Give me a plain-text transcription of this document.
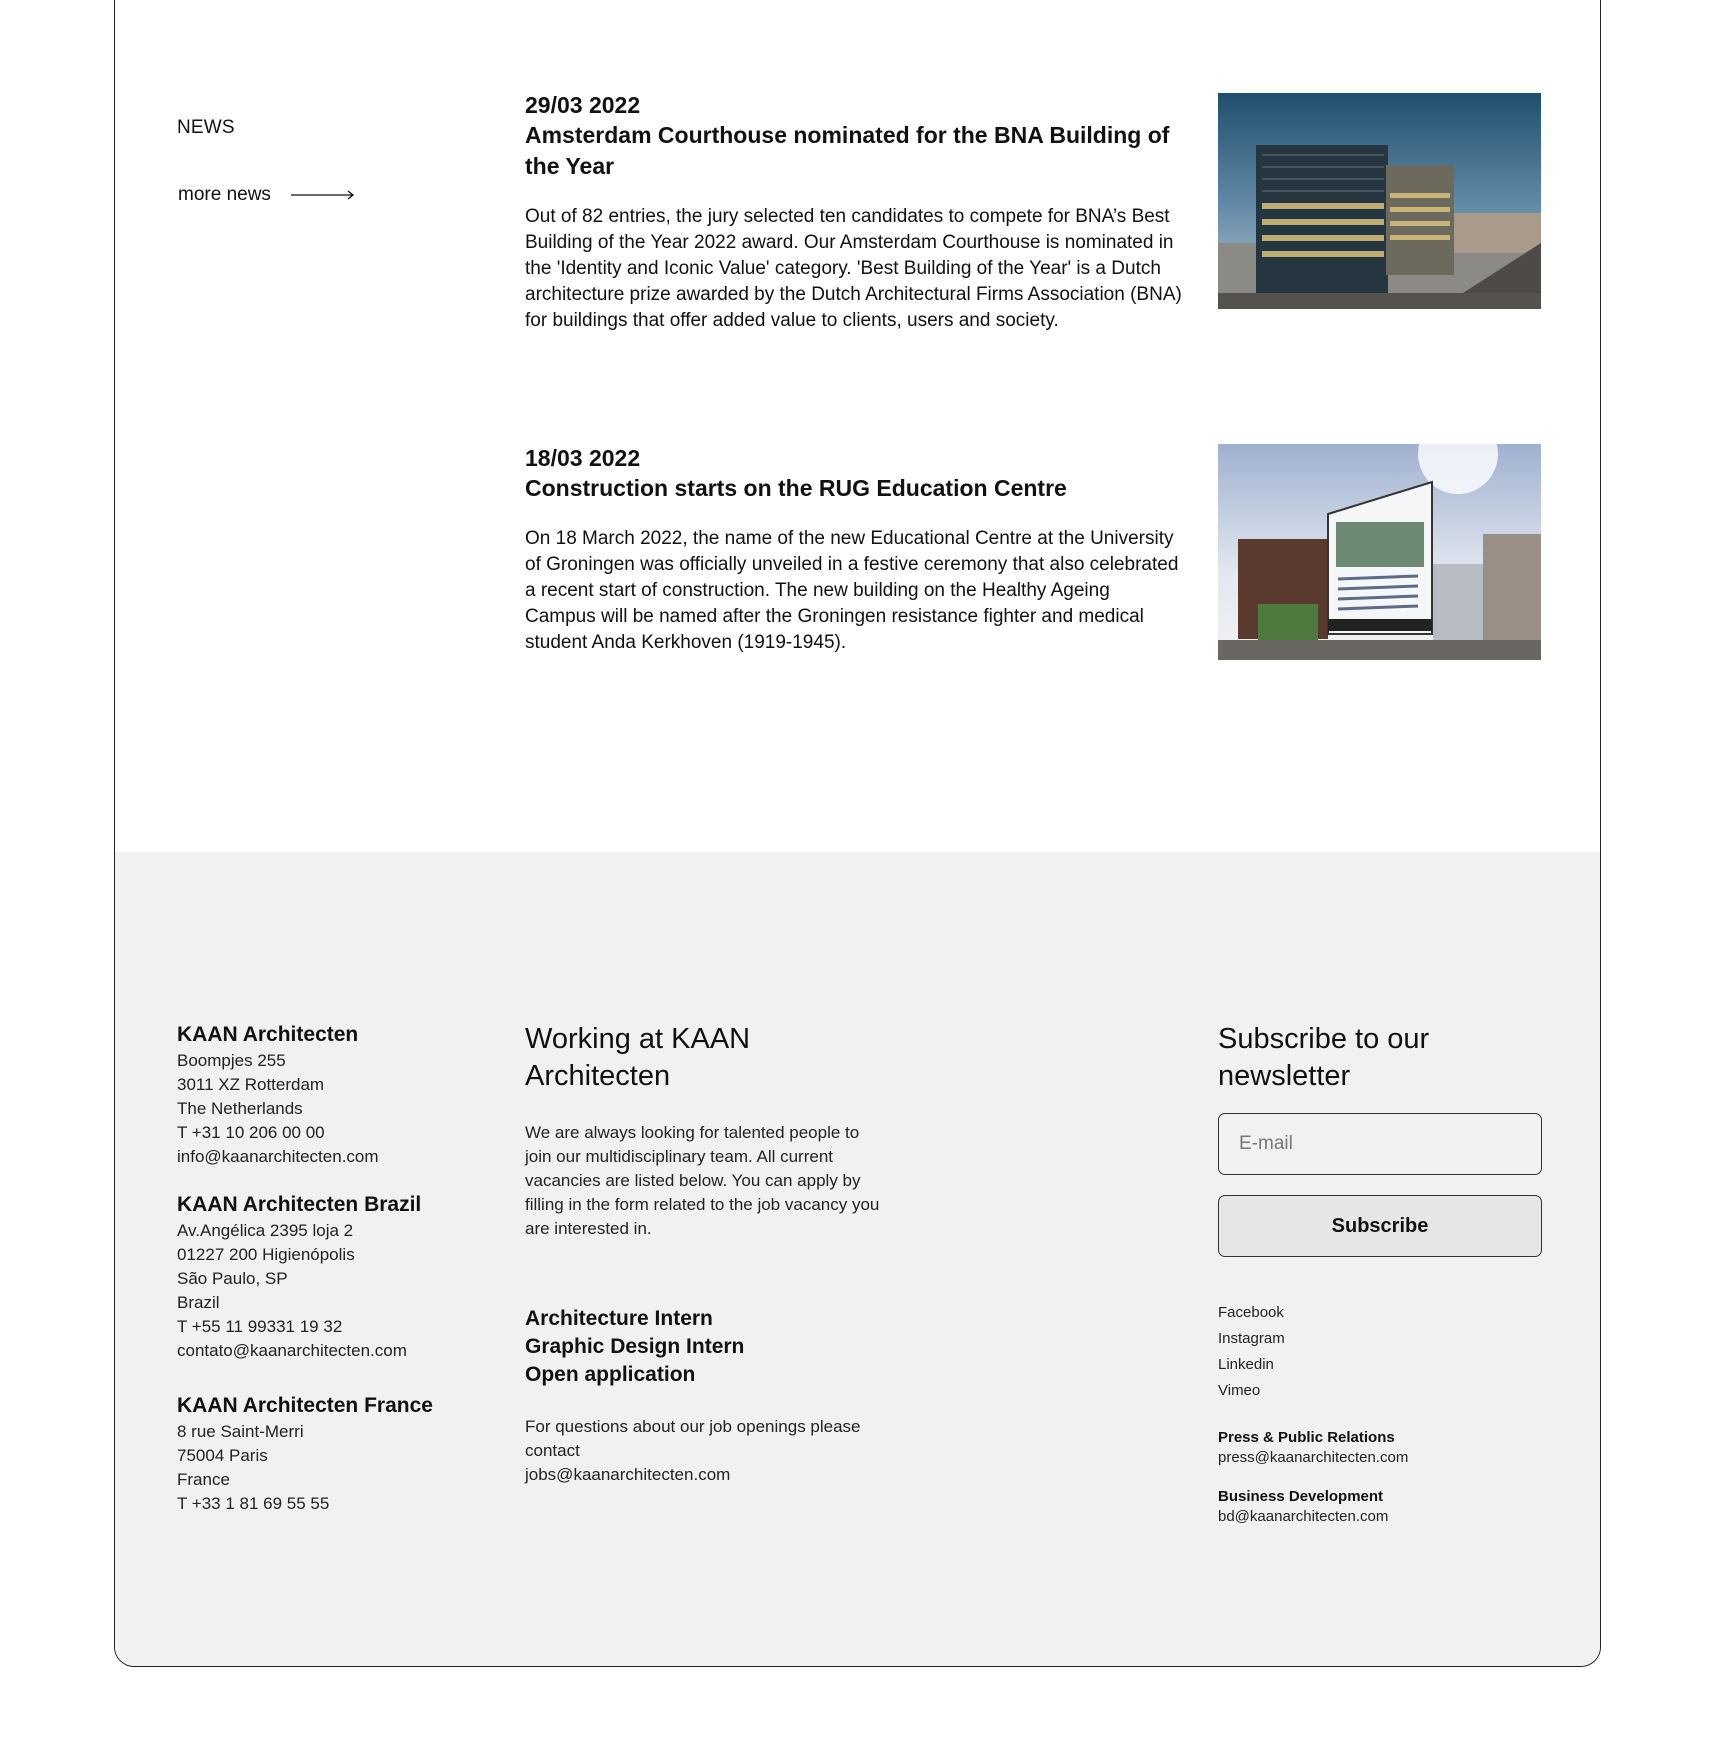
NEWS
more news
29/03 2022
Amsterdam Courthouse nominated for the BNA Building of the Year
Out of 82 entries, the jury selected ten candidates to compete for BNA’s Best Building of the Year 2022 award. Our Amsterdam Courthouse is nominated in the 'Identity and Iconic Value' category. 'Best Building of the Year' is a Dutch architecture prize awarded by the Dutch Architectural Firms Association (BNA) for buildings that offer added value to clients, users and society.
18/03 2022
Construction starts on the RUG Education Centre
On 18 March 2022, the name of the new Educational Centre at the University of Groningen was officially unveiled in a festive ceremony that also celebrated a recent start of construction. The new building on the Healthy Ageing Campus will be named after the Groningen resistance fighter and medical student Anda Kerkhoven (1919-1945).
KAAN Architecten
Boompjes 255
3011 XZ Rotterdam
The Netherlands
T +31 10 206 00 00
info@kaanarchitecten.com
KAAN Architecten Brazil
Av.Angélica 2395 loja 2
01227 200 Higienópolis
São Paulo, SP
Brazil
T +55 11 99331 19 32
contato@kaanarchitecten.com
KAAN Architecten France
8 rue Saint-Merri
75004 Paris
France
T +33 1 81 69 55 55
Working at KAAN Architecten
We are always looking for talented people to join our multidisciplinary team. All current vacancies are listed below. You can apply by filling in the form related to the job vacancy you are interested in.
Architecture Intern
Graphic Design Intern
Open application
For questions about our job openings please contact
jobs@kaanarchitecten.com
Subscribe to our newsletter
E-mail
Subscribe
Facebook
Instagram
Linkedin
Vimeo
Press & Public Relations
press@kaanarchitecten.com
Business Development
bd@kaanarchitecten.com
